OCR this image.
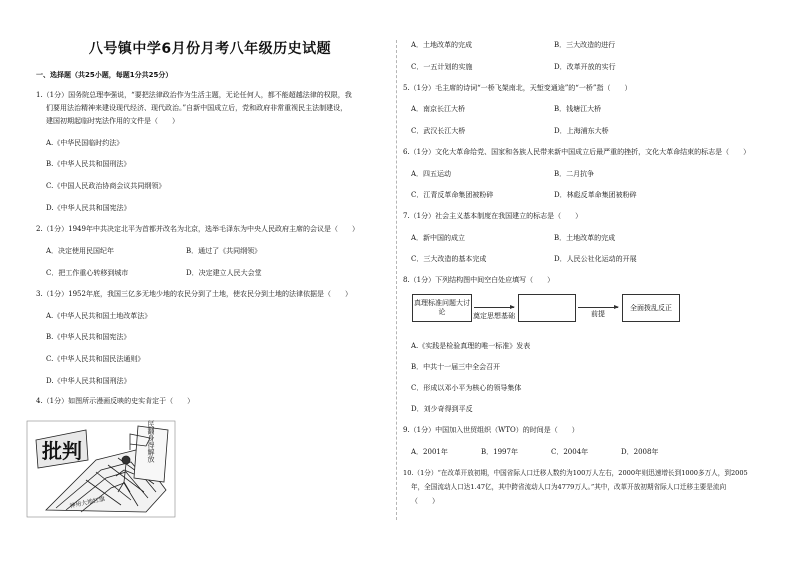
八号镇中学6月份月考八年级历史试题
一、选择题（共25小题，每题1分共25分）
1.（1分）国务院总理李强说，“要把法律政治作为生活主题，无论任何人，都不能超越法律的权限，我
们要用法治精神来建设现代经济、现代政治。”自新中国成立后，党和政府非常重视民主法制建设，
建国初期起临时宪法作用的文件是（　　）
A.《中华民国临时约法》
B.《中华人民共和国刑法》
C.《中国人民政治协商会议共同纲领》
D.《中华人民共和国宪法》
2.（1分）1949年中共决定北平为首都并改名为北京，选举毛泽东为中央人民政府主席的会议是（　　）
A．决定使用民国纪年	B．通过了《共同纲领》
C．把工作重心转移到城市	D．决定建立人民大会堂
3.（1分）1952年底，我国三亿多无地少地的农民分到了土地，使农民分到土地的法律依据是（　　）
A.《中华人民共和国土地改革法》
B.《中华人民共和国宪法》
C.《中华人民共和国民法通则》
D.《中华人民共和国刑法》
4.（1分）如图所示漫画反映的史实肯定于（　　）
批判	农民翻身得解放
神州大地红旗
A．土地改革的完成	B．三大改造的进行
C．一五计划的实施	D．改革开放的实行
5.（1分）毛主席的诗词“一桥飞架南北，天堑变通途”的“一桥”指（　　）
A．南京长江大桥	B．钱塘江大桥
C．武汉长江大桥	D．上海浦东大桥
6.（1分）文化大革命给党、国家和各族人民带来新中国成立后最严重的挫折，文化大革命结束的标志是（　　）
A．四五运动	B．二月抗争
C．江青反革命集团被粉碎	D．林彪反革命集团被粉碎
7.（1分）社会主义基本制度在我国建立的标志是（　　）
A．新中国的成立	B．土地改革的完成
C．三大改造的基本完成	D．人民公社化运动的开展
8.（1分）下列结构图中间空白处应填写（　　）
真理标准问题大讨论	奠定思想基础	前提
全面拨乱反正
A.《实践是检验真理的唯一标准》发表
B．中共十一届三中全会召开
C．形成以邓小平为核心的领导集体
D．刘少奇得到平反
9.（1分）中国加入世贸组织（WTO）的时间是（　　）
A．2001年	B．1997年	C．2004年	D．2008年
10.（1分）“在改革开放初期，中国省际人口迁移人数约为100万人左右，2000年则迅速增长到1000多万人，到2005
年，全国流动人口达1.47亿，其中跨省流动人口为4779万人。”其中，改革开放初期省际人口迁移主要是流向
（　　）
